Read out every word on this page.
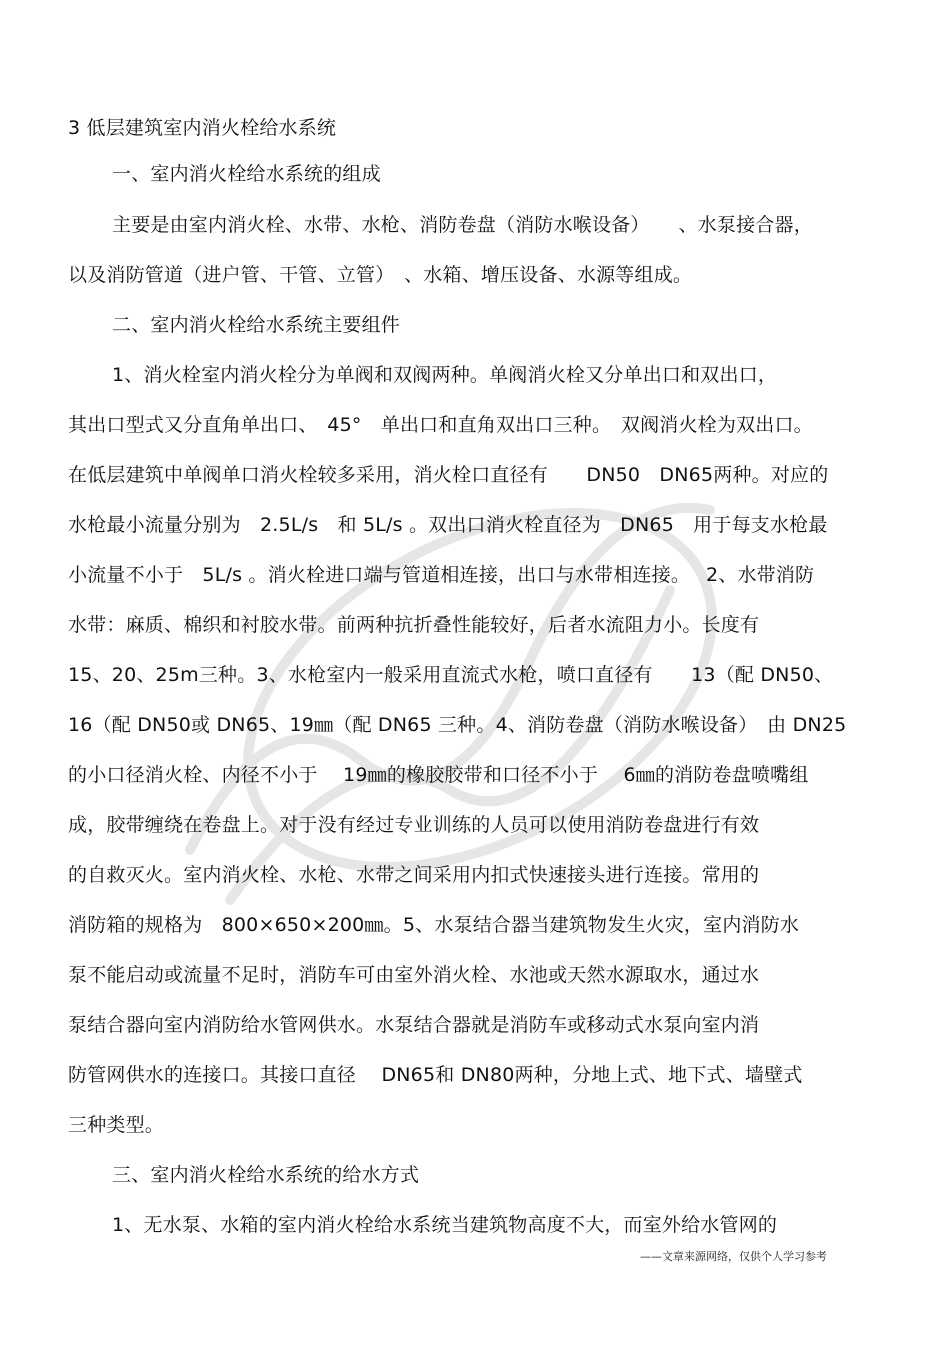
3 低层建筑室内消火栓给水系统
一、室内消火栓给水系统的组成
主要是由室内消火栓、水带、水枪、消防卷盘（消防水喉设备）　　、水泵接合器，
以及消防管道（进户管、干管、立管）　、水箱、增压设备、水源等组成。
二、室内消火栓给水系统主要组件
1、消火栓室内消火栓分为单阀和双阀两种。单阀消火栓又分单出口和双出口，
其出口型式又分直角单出口、　45°　单出口和直角双出口三种。　双阀消火栓为双出口。
在低层建筑中单阀单口消火栓较多采用，消火栓口直径有　　DN50　DN65两种。对应的
水枪最小流量分别为　2.5L/s　和 5L/s 。双出口消火栓直径为　DN65　用于每支水枪最
小流量不小于　5L/s 。消火栓进口端与管道相连接，出口与水带相连接。　 2、水带消防
水带：麻质、棉织和衬胶水带。前两种抗折叠性能较好，后者水流阻力小。长度有
15、20、25m三种。3、水枪室内一般采用直流式水枪，喷口直径有　　13（配 DN50、
16（配 DN50或 DN65、19㎜（配 DN65 三种。4、消防卷盘（消防水喉设备）　由 DN25
的小口径消火栓、内径不小于　 19㎜的橡胶胶带和口径不小于　 6㎜的消防卷盘喷嘴组
成，胶带缠绕在卷盘上。对于没有经过专业训练的人员可以使用消防卷盘进行有效
的自救灭火。室内消火栓、水枪、水带之间采用内扣式快速接头进行连接。常用的
消防箱的规格为　800×650×200㎜。5、水泵结合器当建筑物发生火灾，室内消防水
泵不能启动或流量不足时，消防车可由室外消火栓、水池或天然水源取水，通过水
泵结合器向室内消防给水管网供水。水泵结合器就是消防车或移动式水泵向室内消
防管网供水的连接口。其接口直径　 DN65和 DN80两种，分地上式、地下式、墙壁式
三种类型。
三、室内消火栓给水系统的给水方式
1、无水泵、水箱的室内消火栓给水系统当建筑物高度不大，而室外给水管网的
——文章来源网络，仅供个人学习参考
